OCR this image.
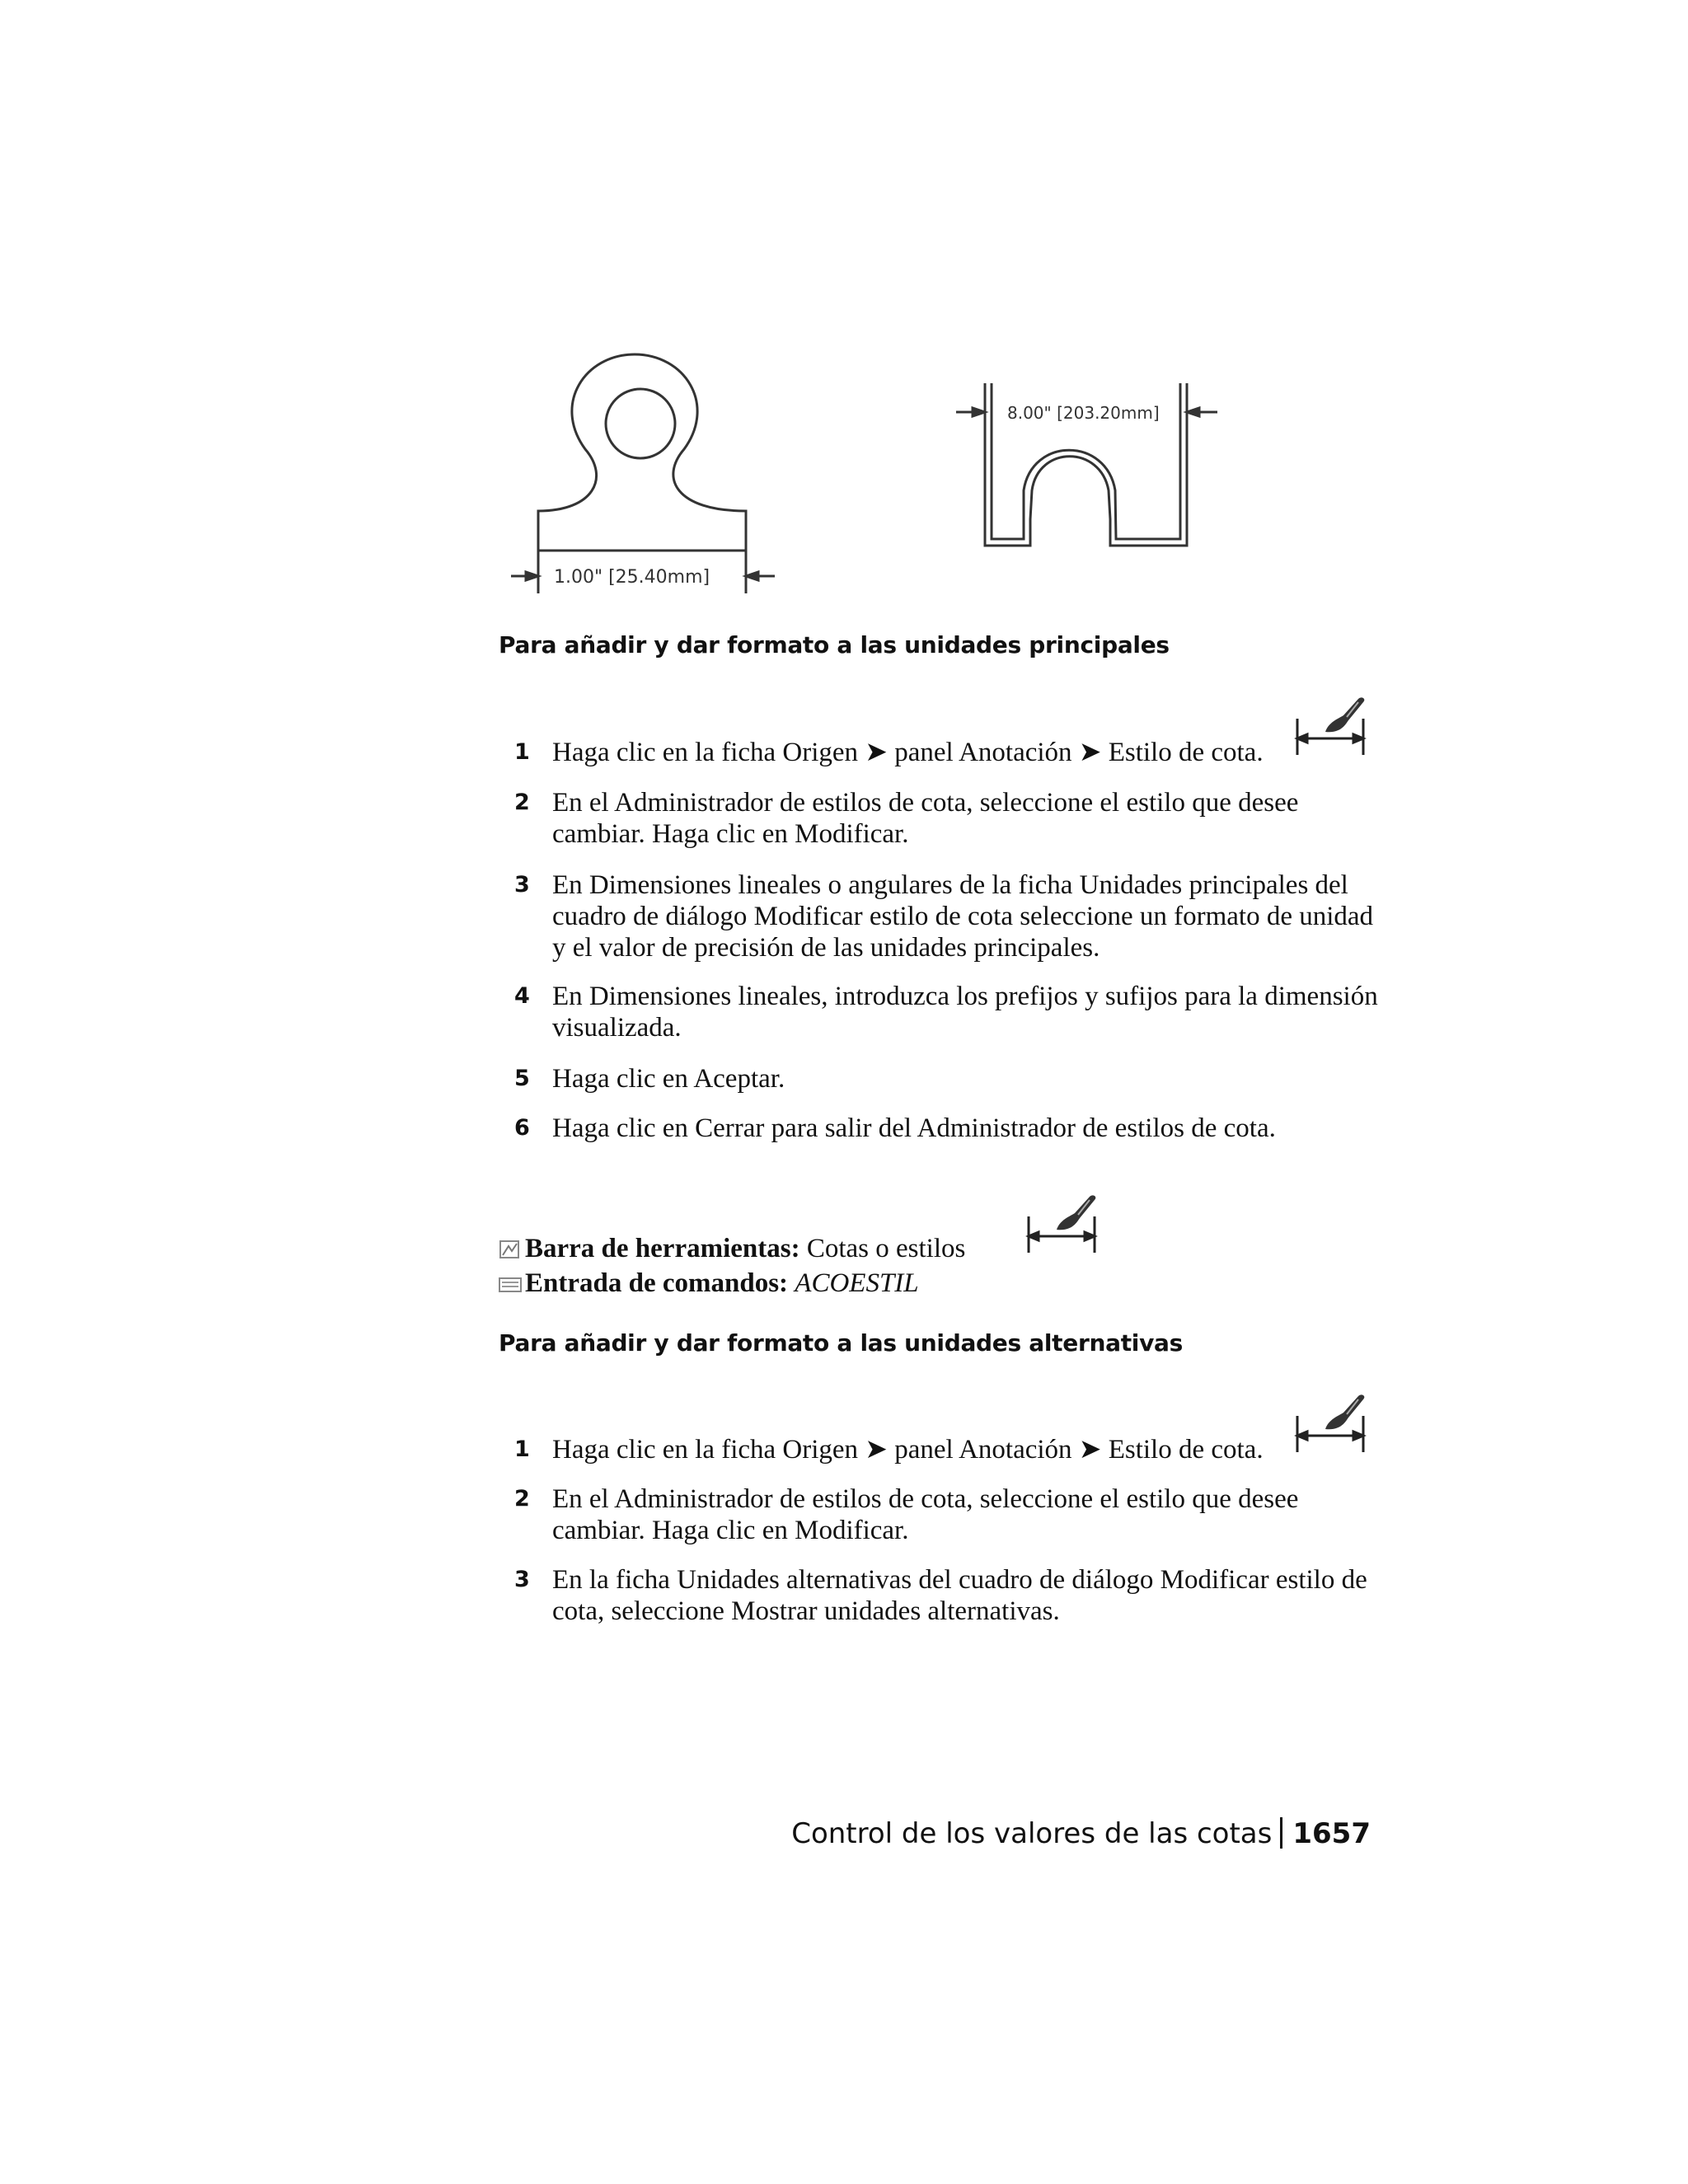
1.00" [25.40mm]
8.00" [203.20mm]
Para añadir y dar formato a las unidades principales
1 Haga clic en la ficha Origen ➤ panel Anotación ➤ Estilo de cota.
2 En el Administrador de estilos de cota, seleccione el estilo que desee cambiar. Haga clic en Modificar.
3 En Dimensiones lineales o angulares de la ficha Unidades principales del cuadro de diálogo Modificar estilo de cota seleccione un formato de unidad y el valor de precisión de las unidades principales.
4 En Dimensiones lineales, introduzca los prefijos y sufijos para la dimensión visualizada.
5 Haga clic en Aceptar.
6 Haga clic en Cerrar para salir del Administrador de estilos de cota.
Barra de herramientas: Cotas o estilos
Entrada de comandos: ACOESTIL
Para añadir y dar formato a las unidades alternativas
1 Haga clic en la ficha Origen ➤ panel Anotación ➤ Estilo de cota.
2 En el Administrador de estilos de cota, seleccione el estilo que desee cambiar. Haga clic en Modificar.
3 En la ficha Unidades alternativas del cuadro de diálogo Modificar estilo de cota, seleccione Mostrar unidades alternativas.
Control de los valores de las cotas 1657
